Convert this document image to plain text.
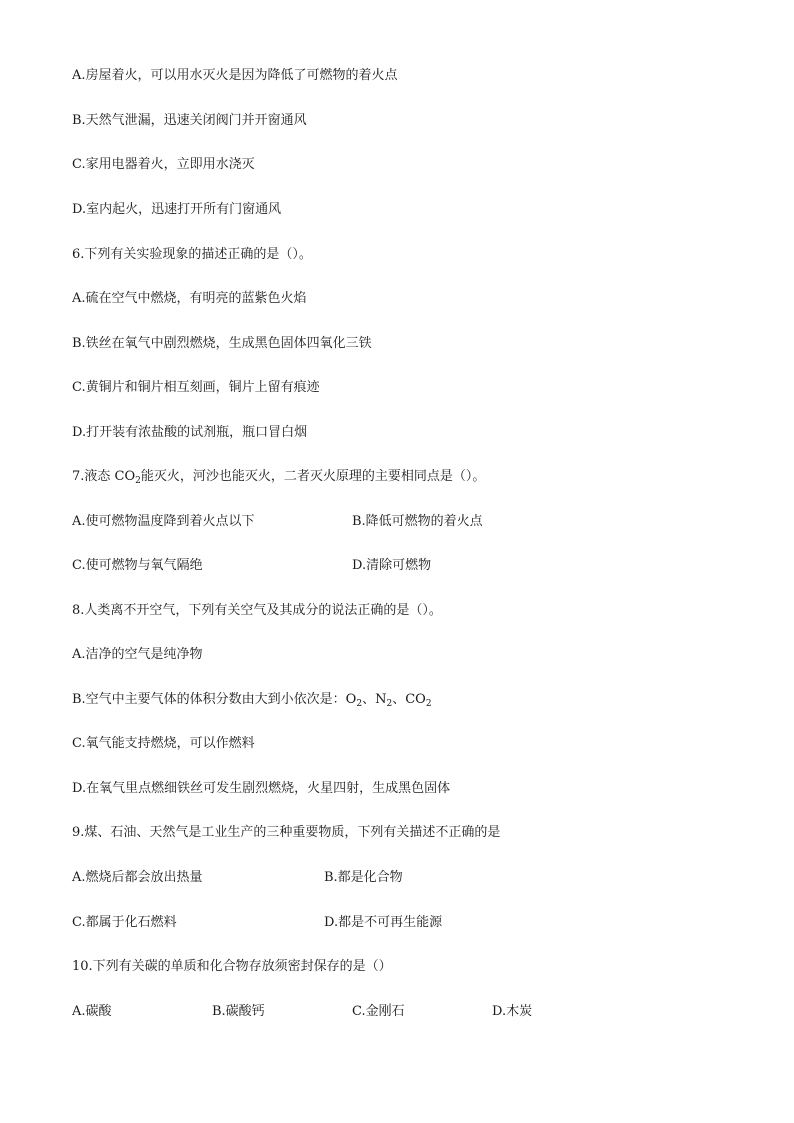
A.房屋着火，可以用水灭火是因为降低了可燃物的着火点
B.天然气泄漏，迅速关闭阀门并开窗通风
C.家用电器着火，立即用水浇灭
D.室内起火，迅速打开所有门窗通风
6.下列有关实验现象的描述正确的是（）。
A.硫在空气中燃烧，有明亮的蓝紫色火焰
B.铁丝在氧气中剧烈燃烧，生成黑色固体四氧化三铁
C.黄铜片和铜片相互刻画，铜片上留有痕迹
D.打开装有浓盐酸的试剂瓶，瓶口冒白烟
7.液态 $CO_2$能灭火，河沙也能灭火，二者灭火原理的主要相同点是（）。
A.使可燃物温度降到着火点以下	B.降低可燃物的着火点
C.使可燃物与氧气隔绝	D.清除可燃物
8.人类离不开空气，下列有关空气及其成分的说法正确的是（）。
A.洁净的空气是纯净物
B.空气中主要气体的体积分数由大到小依次是：$O_2$、$N_2$、$CO_2$
C.氧气能支持燃烧，可以作燃料
D.在氧气里点燃细铁丝可发生剧烈燃烧，火星四射，生成黑色固体
9.煤、石油、天然气是工业生产的三种重要物质，下列有关描述不正确的是
A.燃烧后都会放出热量	B.都是化合物
C.都属于化石燃料	D.都是不可再生能源
10.下列有关碳的单质和化合物存放须密封保存的是（）
A.碳酸	B.碳酸钙	C.金刚石	D.木炭
